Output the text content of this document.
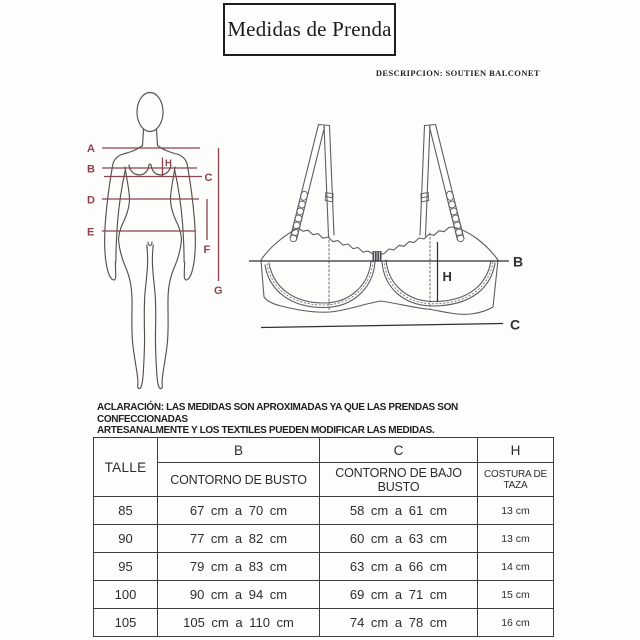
Medidas de Prenda
DESCRIPCION: SOUTIEN BALCONET
A
B	H
C
D
E
F
G
B
H
C
ACLARACIÓN: LAS MEDIDAS SON APROXIMADAS YA QUE LAS PRENDAS SON CONFECCIONADAS
ARTESANALMENTE Y LOS TEXTILES PUEDEN MODIFICAR LAS MEDIDAS.
TALLE	B	C	H
	CONTORNO DE BUSTO	CONTORNO DE BAJO BUSTO	COSTURA DE TAZA
85	67 cm a 70 cm	58 cm a 61 cm	13 cm
90	77 cm a 82 cm	60 cm a 63 cm	13 cm
95	79 cm a 83 cm	63 cm a 66 cm	14 cm
100	90 cm a 94 cm	69 cm a 71 cm	15 cm
105	105 cm a 110 cm	74 cm a 78 cm	16 cm
